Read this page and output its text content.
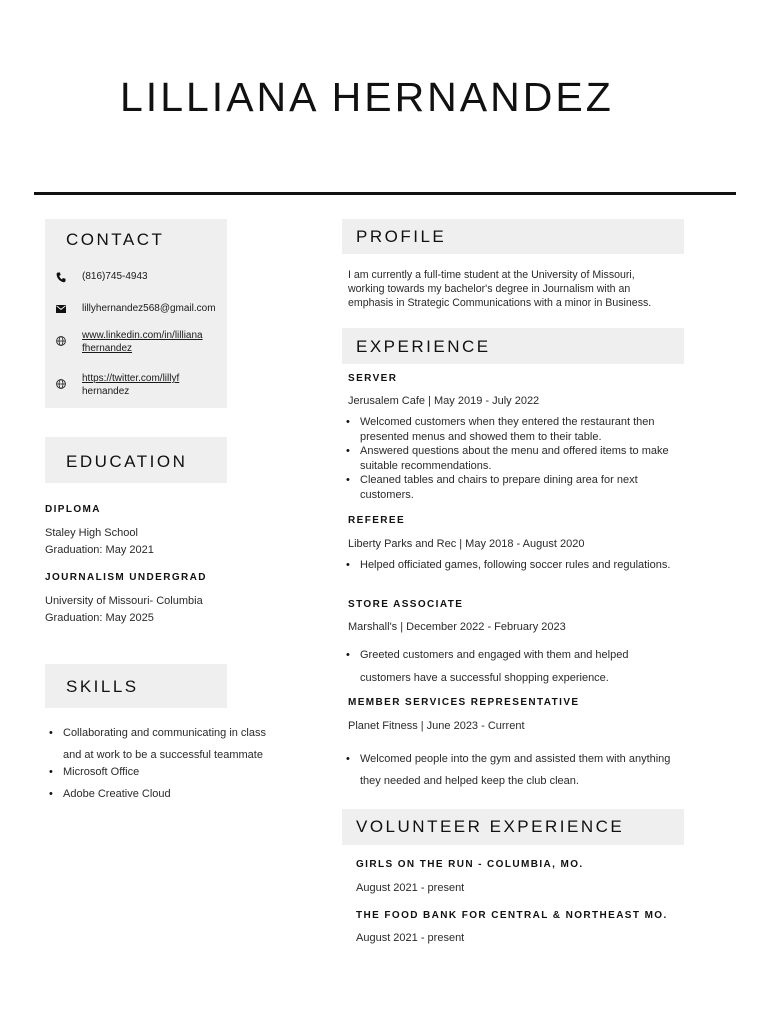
LILLIANA HERNANDEZ
CONTACT
(816)745-4943
lillyhernandez568@gmail.com
www.linkedin.com/in/lilliana
fhernandez
https://twitter.com/lillyf
hernandez
EDUCATION
DIPLOMA
Staley High School
Graduation: May 2021
JOURNALISM UNDERGRAD
University of Missouri- Columbia
Graduation: May 2025
SKILLS
• Collaborating and communicating in class
and at work to be a successful teammate
• Microsoft Office
• Adobe Creative Cloud
PROFILE
I am currently a full-time student at the University of Missouri,
working towards my bachelor's degree in Journalism with an
emphasis in Strategic Communications with a minor in Business.
EXPERIENCE
SERVER
Jerusalem Cafe | May 2019 - July 2022
• Welcomed customers when they entered the restaurant then
presented menus and showed them to their table.
• Answered questions about the menu and offered items to make
suitable recommendations.
• Cleaned tables and chairs to prepare dining area for next
customers.
REFEREE
Liberty Parks and Rec | May 2018 - August 2020
• Helped officiated games, following soccer rules and regulations.
STORE ASSOCIATE
Marshall's | December 2022 - February 2023
• Greeted customers and engaged with them and helped
customers have a successful shopping experience.
MEMBER SERVICES REPRESENTATIVE
Planet Fitness | June 2023 - Current
• Welcomed people into the gym and assisted them with anything
they needed and helped keep the club clean.
VOLUNTEER EXPERIENCE
GIRLS ON THE RUN - COLUMBIA, MO.
August 2021 - present
THE FOOD BANK FOR CENTRAL & NORTHEAST MO.
August 2021 - present
